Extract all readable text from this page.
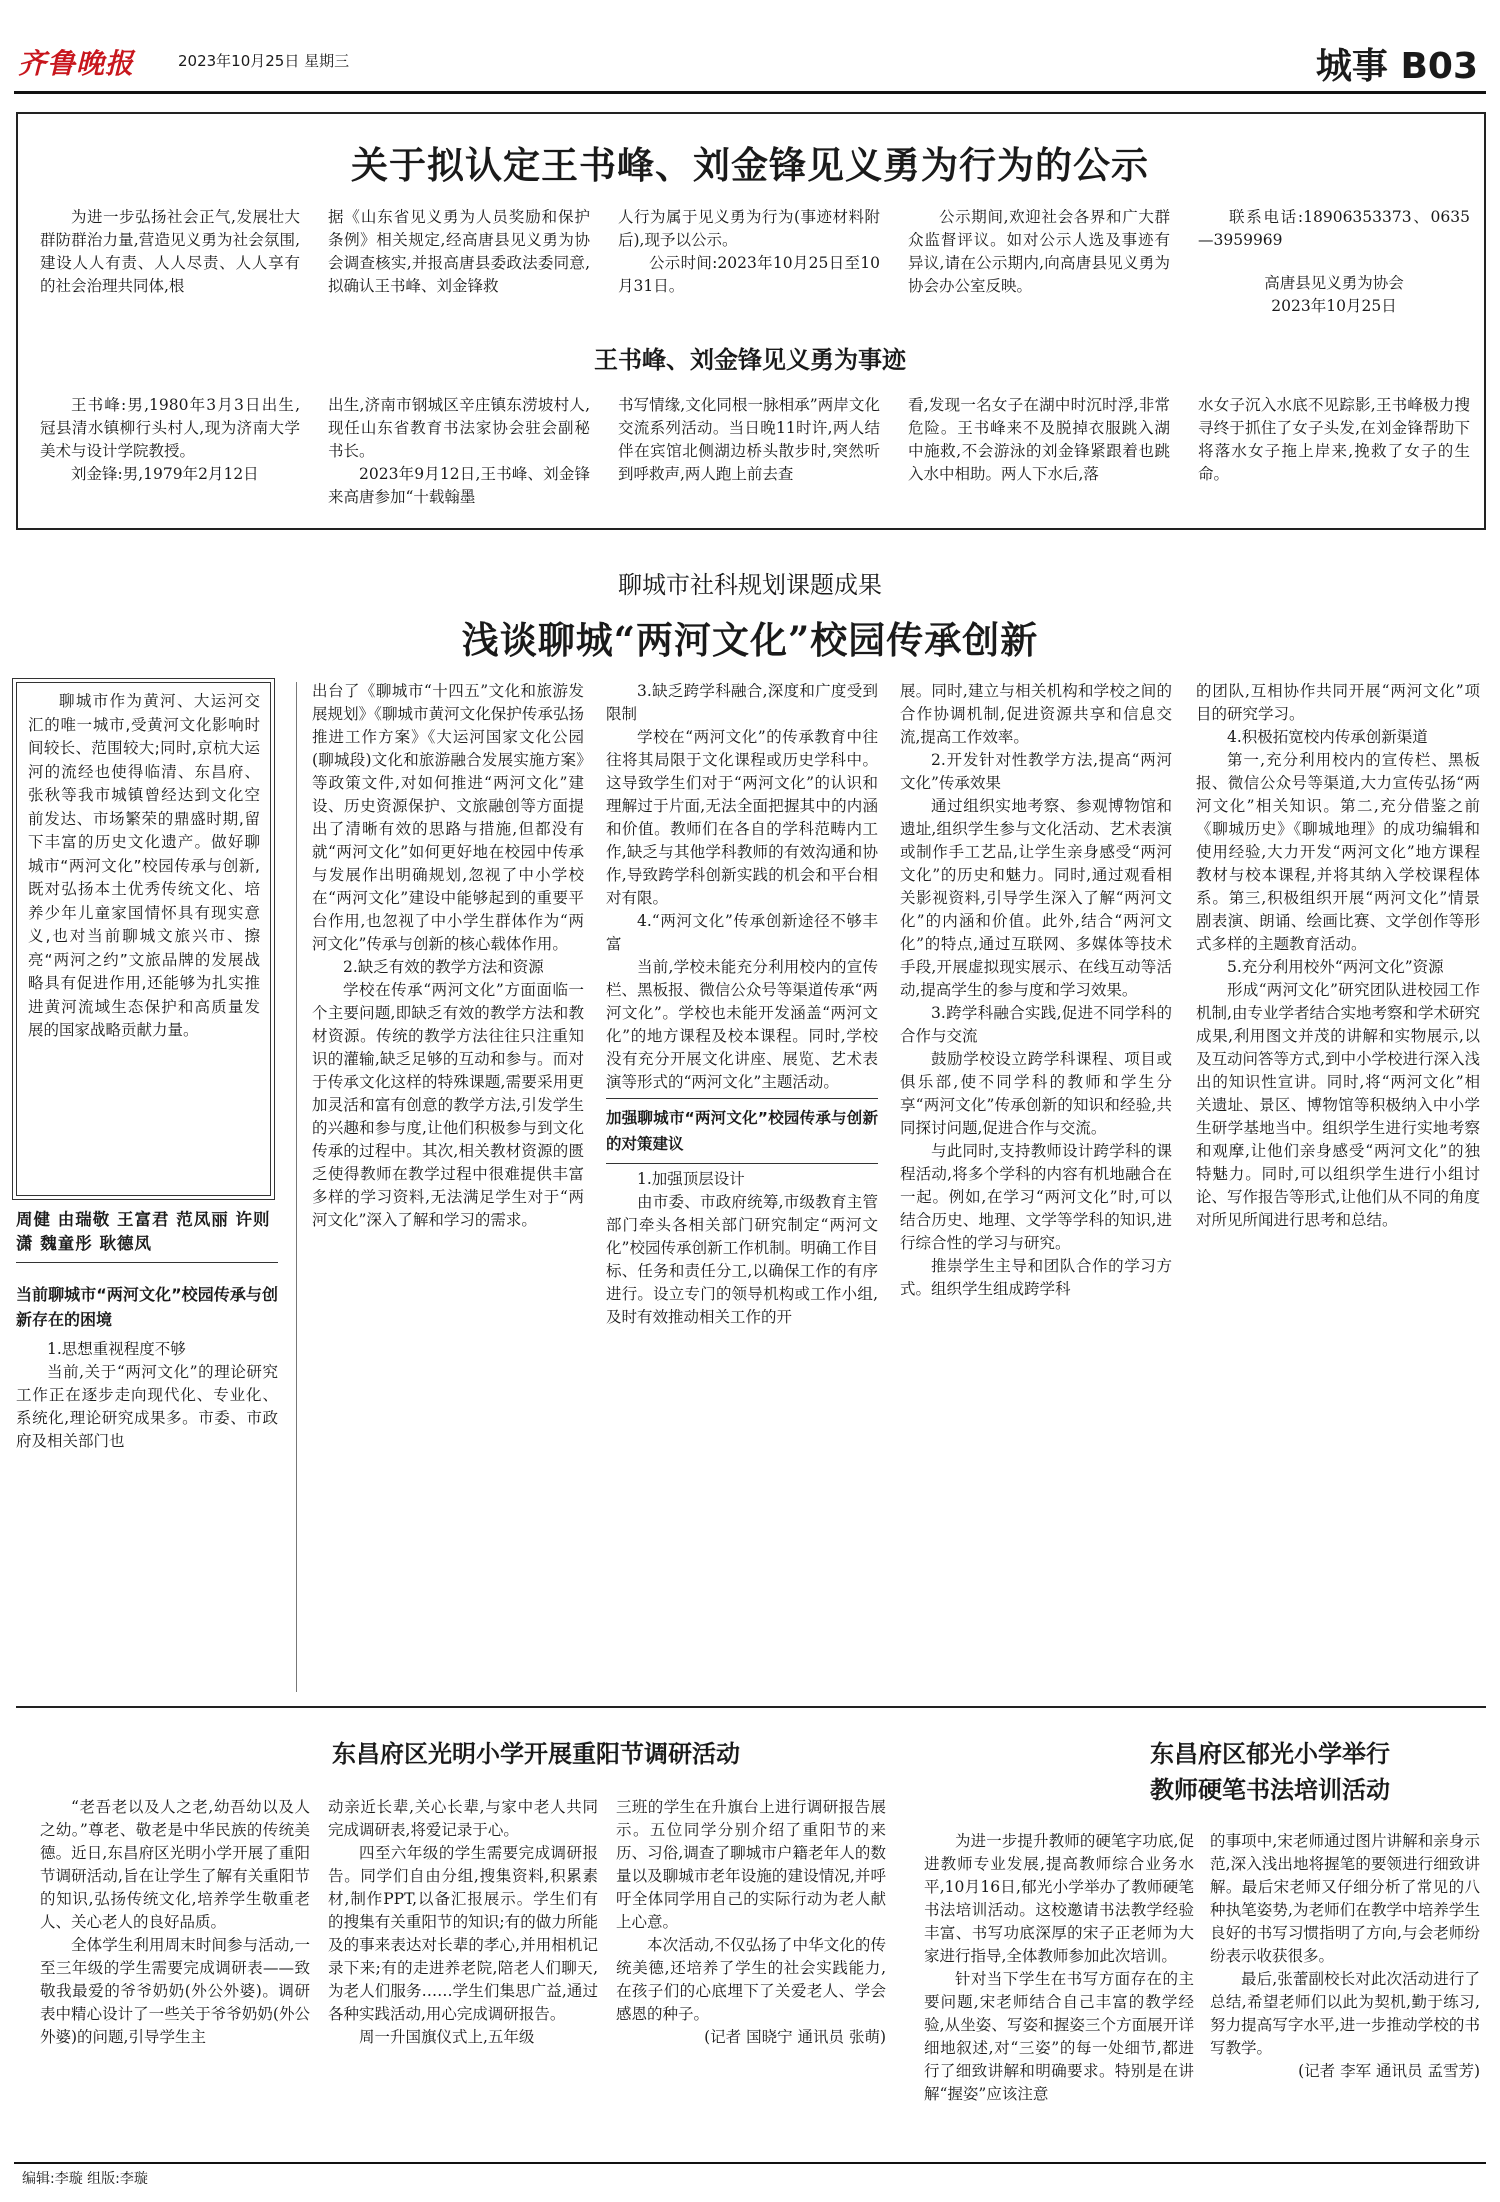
齐鲁晚报	2023年10月25日 星期三	城事 B03
关于拟认定王书峰、刘金锋见义勇为行为的公示

为进一步弘扬社会正气,发展壮大群防群治力量,营造见义勇为社会氛围,建设人人有责、人人尽责、人人享有的社会治理共同体,根

据《山东省见义勇为人员奖励和保护条例》相关规定,经高唐县见义勇为协会调查核实,并报高唐县委政法委同意,拟确认王书峰、刘金锋救

人行为属于见义勇为行为(事迹材料附后),现予以公示。

公示时间:2023年10月25日至10月31日。

公示期间,欢迎社会各界和广大群众监督评议。如对公示人选及事迹有异议,请在公示期内,向高唐县见义勇为协会办公室反映。

联系电话:18906353373、0635—3959969

高唐县见义勇为协会

2023年10月25日

王书峰、刘金锋见义勇为事迹

王书峰:男,1980年3月3日出生,冠县清水镇柳行头村人,现为济南大学美术与设计学院教授。

刘金锋:男,1979年2月12日

出生,济南市钢城区辛庄镇东涝坡村人,现任山东省教育书法家协会驻会副秘书长。

2023年9月12日,王书峰、刘金锋来高唐参加“十载翰墨

书写情缘,文化同根一脉相承”两岸文化交流系列活动。当日晚11时许,两人结伴在宾馆北侧湖边桥头散步时,突然听到呼救声,两人跑上前去查

看,发现一名女子在湖中时沉时浮,非常危险。王书峰来不及脱掉衣服跳入湖中施救,不会游泳的刘金锋紧跟着也跳入水中相助。两人下水后,落

水女子沉入水底不见踪影,王书峰极力搜寻终于抓住了女子头发,在刘金锋帮助下将落水女子拖上岸来,挽救了女子的生命。

聊城市社科规划课题成果
浅谈聊城“两河文化”校园传承创新

聊城市作为黄河、大运河交汇的唯一城市,受黄河文化影响时间较长、范围较大;同时,京杭大运河的流经也使得临清、东昌府、张秋等我市城镇曾经达到文化空前发达、市场繁荣的鼎盛时期,留下丰富的历史文化遗产。做好聊城市“两河文化”校园传承与创新,既对弘扬本土优秀传统文化、培养少年儿童家国情怀具有现实意义,也对当前聊城文旅兴市、擦亮“两河之约”文旅品牌的发展战略具有促进作用,还能够为扎实推进黄河流域生态保护和高质量发展的国家战略贡献力量。

周健 由瑞敬 王富君 范凤丽 许则潇 魏童彤 耿德凤

当前聊城市“两河文化”校园传承与创新存在的困境

1.思想重视程度不够

当前,关于“两河文化”的理论研究工作正在逐步走向现代化、专业化、系统化,理论研究成果多。市委、市政府及相关部门也

出台了《聊城市“十四五”文化和旅游发展规划》《聊城市黄河文化保护传承弘扬推进工作方案》《大运河国家文化公园(聊城段)文化和旅游融合发展实施方案》等政策文件,对如何推进“两河文化”建设、历史资源保护、文旅融创等方面提出了清晰有效的思路与措施,但都没有就“两河文化”如何更好地在校园中传承与发展作出明确规划,忽视了中小学校在“两河文化”建设中能够起到的重要平台作用,也忽视了中小学生群体作为“两河文化”传承与创新的核心载体作用。

2.缺乏有效的教学方法和资源

学校在传承“两河文化”方面面临一个主要问题,即缺乏有效的教学方法和教材资源。传统的教学方法往往只注重知识的灌输,缺乏足够的互动和参与。而对于传承文化这样的特殊课题,需要采用更加灵活和富有创意的教学方法,引发学生的兴趣和参与度,让他们积极参与到文化传承的过程中。其次,相关教材资源的匮乏使得教师在教学过程中很难提供丰富多样的学习资料,无法满足学生对于“两河文化”深入了解和学习的需求。

3.缺乏跨学科融合,深度和广度受到限制

学校在“两河文化”的传承教育中往往将其局限于文化课程或历史学科中。这导致学生们对于“两河文化”的认识和理解过于片面,无法全面把握其中的内涵和价值。教师们在各自的学科范畴内工作,缺乏与其他学科教师的有效沟通和协作,导致跨学科创新实践的机会和平台相对有限。

4.“两河文化”传承创新途径不够丰富

当前,学校未能充分利用校内的宣传栏、黑板报、微信公众号等渠道传承“两河文化”。学校也未能开发涵盖“两河文化”的地方课程及校本课程。同时,学校没有充分开展文化讲座、展览、艺术表演等形式的“两河文化”主题活动。

加强聊城市“两河文化”校园传承与创新的对策建议

1.加强顶层设计

由市委、市政府统筹,市级教育主管部门牵头各相关部门研究制定“两河文化”校园传承创新工作机制。明确工作目标、任务和责任分工,以确保工作的有序进行。设立专门的领导机构或工作小组,及时有效推动相关工作的开

展。同时,建立与相关机构和学校之间的合作协调机制,促进资源共享和信息交流,提高工作效率。

2.开发针对性教学方法,提高“两河文化”传承效果

通过组织实地考察、参观博物馆和遗址,组织学生参与文化活动、艺术表演或制作手工艺品,让学生亲身感受“两河文化”的历史和魅力。同时,通过观看相关影视资料,引导学生深入了解“两河文化”的内涵和价值。此外,结合“两河文化”的特点,通过互联网、多媒体等技术手段,开展虚拟现实展示、在线互动等活动,提高学生的参与度和学习效果。

3.跨学科融合实践,促进不同学科的合作与交流

鼓励学校设立跨学科课程、项目或俱乐部,使不同学科的教师和学生分享“两河文化”传承创新的知识和经验,共同探讨问题,促进合作与交流。

与此同时,支持教师设计跨学科的课程活动,将多个学科的内容有机地融合在一起。例如,在学习“两河文化”时,可以结合历史、地理、文学等学科的知识,进行综合性的学习与研究。

推崇学生主导和团队合作的学习方式。组织学生组成跨学科

的团队,互相协作共同开展“两河文化”项目的研究学习。

4.积极拓宽校内传承创新渠道

第一,充分利用校内的宣传栏、黑板报、微信公众号等渠道,大力宣传弘扬“两河文化”相关知识。第二,充分借鉴之前《聊城历史》《聊城地理》的成功编辑和使用经验,大力开发“两河文化”地方课程教材与校本课程,并将其纳入学校课程体系。第三,积极组织开展“两河文化”情景剧表演、朗诵、绘画比赛、文学创作等形式多样的主题教育活动。

5.充分利用校外“两河文化”资源

形成“两河文化”研究团队进校园工作机制,由专业学者结合实地考察和学术研究成果,利用图文并茂的讲解和实物展示,以及互动问答等方式,到中小学校进行深入浅出的知识性宣讲。同时,将“两河文化”相关遗址、景区、博物馆等积极纳入中小学生研学基地当中。组织学生进行实地考察和观摩,让他们亲身感受“两河文化”的独特魅力。同时,可以组织学生进行小组讨论、写作报告等形式,让他们从不同的角度对所见所闻进行思考和总结。

东昌府区光明小学开展重阳节调研活动

“老吾老以及人之老,幼吾幼以及人之幼。”尊老、敬老是中华民族的传统美德。近日,东昌府区光明小学开展了重阳节调研活动,旨在让学生了解有关重阳节的知识,弘扬传统文化,培养学生敬重老人、关心老人的良好品质。

全体学生利用周末时间参与活动,一至三年级的学生需要完成调研表——致敬我最爱的爷爷奶奶(外公外婆)。调研表中精心设计了一些关于爷爷奶奶(外公外婆)的问题,引导学生主

动亲近长辈,关心长辈,与家中老人共同完成调研表,将爱记录于心。

四至六年级的学生需要完成调研报告。同学们自由分组,搜集资料,积累素材,制作PPT,以备汇报展示。学生们有的搜集有关重阳节的知识;有的做力所能及的事来表达对长辈的孝心,并用相机记录下来;有的走进养老院,陪老人们聊天,为老人们服务……学生们集思广益,通过各种实践活动,用心完成调研报告。

周一升国旗仪式上,五年级

三班的学生在升旗台上进行调研报告展示。五位同学分别介绍了重阳节的来历、习俗,调查了聊城市户籍老年人的数量以及聊城市老年设施的建设情况,并呼吁全体同学用自己的实际行动为老人献上心意。

本次活动,不仅弘扬了中华文化的传统美德,还培养了学生的社会实践能力,在孩子们的心底埋下了关爱老人、学会感恩的种子。

(记者 国晓宁 通讯员 张萌)

东昌府区郁光小学举行
教师硬笔书法培训活动

为进一步提升教师的硬笔字功底,促进教师专业发展,提高教师综合业务水平,10月16日,郁光小学举办了教师硬笔书法培训活动。这校邀请书法教学经验丰富、书写功底深厚的宋子正老师为大家进行指导,全体教师参加此次培训。

针对当下学生在书写方面存在的主要问题,宋老师结合自己丰富的教学经验,从坐姿、写姿和握姿三个方面展开详细地叙述,对“三姿”的每一处细节,都进行了细致讲解和明确要求。特别是在讲解“握姿”应该注意

的事项中,宋老师通过图片讲解和亲身示范,深入浅出地将握笔的要领进行细致讲解。最后宋老师又仔细分析了常见的八种执笔姿势,为老师们在教学中培养学生良好的书写习惯指明了方向,与会老师纷纷表示收获很多。

最后,张蕾副校长对此次活动进行了总结,希望老师们以此为契机,勤于练习,努力提高写字水平,进一步推动学校的书写教学。

(记者 李军 通讯员 孟雪芳)

编辑:李璇 组版:李璇
